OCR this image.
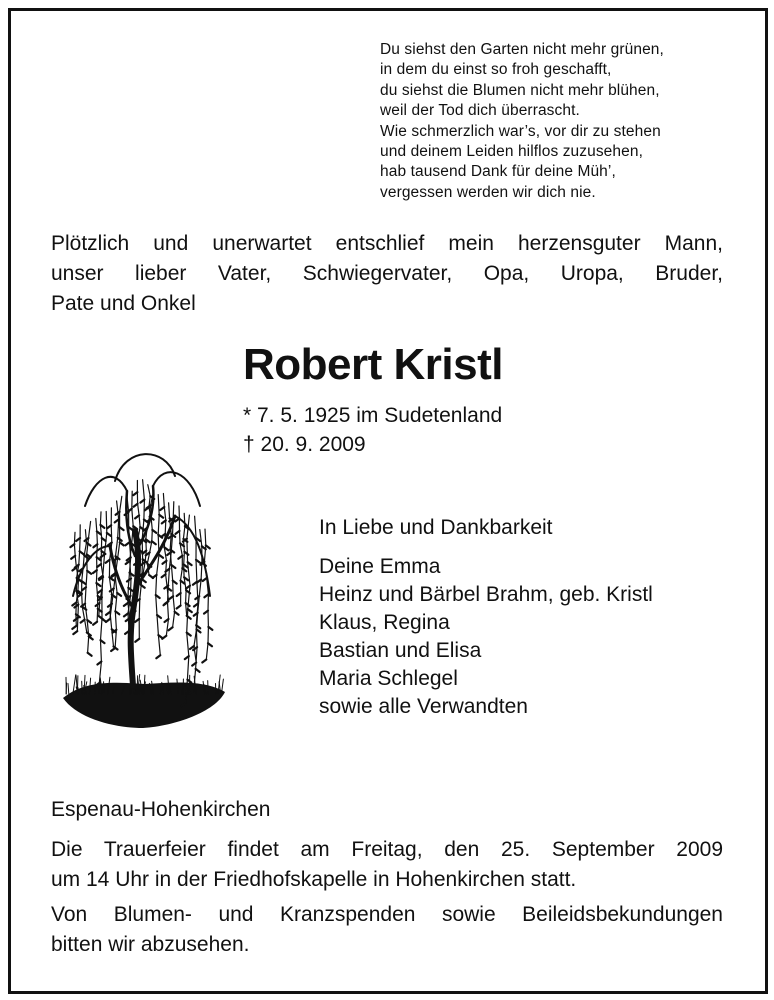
Du siehst den Garten nicht mehr grünen,
in dem du einst so froh geschafft,
du siehst die Blumen nicht mehr blühen,
weil der Tod dich überrascht.
Wie schmerzlich war’s, vor dir zu stehen
und deinem Leiden hilflos zuzusehen,
hab tausend Dank für deine Müh’,
vergessen werden wir dich nie.
Plötzlich und unerwartet entschlief mein herzensguter Mann,
unser lieber Vater, Schwiegervater, Opa, Uropa, Bruder,
Pate und Onkel
Robert Kristl
* 7. 5. 1925 im Sudetenland
† 20. 9. 2009
In Liebe und Dankbarkeit
Deine Emma
Heinz und Bärbel Brahm, geb. Kristl
Klaus, Regina
Bastian und Elisa
Maria Schlegel
sowie alle Verwandten
Espenau-Hohenkirchen
Die Trauerfeier findet am Freitag, den 25. September 2009
um 14 Uhr in der Friedhofskapelle in Hohenkirchen statt.
Von Blumen- und Kranzspenden sowie Beileidsbekundungen
bitten wir abzusehen.
